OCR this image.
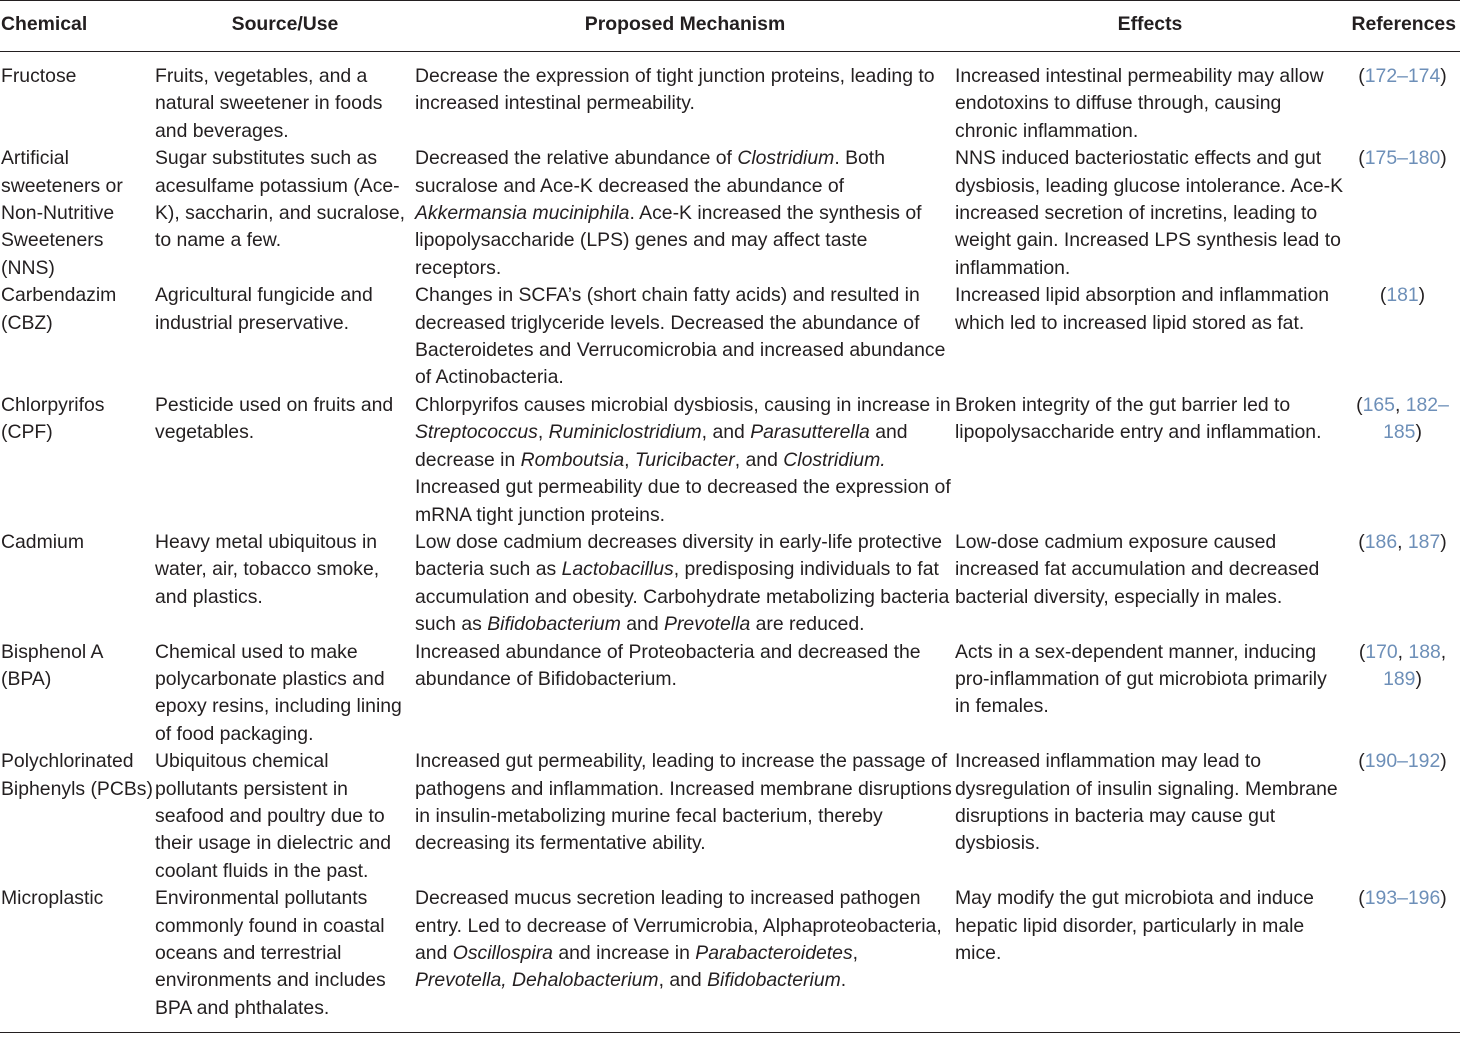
Chemical	Source/Use	Proposed Mechanism	Effects	References
Fructose	Fruits, vegetables, and a natural sweetener in foods and beverages.	Decrease the expression of tight junction proteins, leading to increased intestinal permeability.	Increased intestinal permeability may allow endotoxins to diffuse through, causing chronic inflammation.	(172–174)
Artificial sweeteners or Non-Nutritive Sweeteners (NNS)	Sugar substitutes such as acesulfame potassium (Ace-K), saccharin, and sucralose, to name a few.	Decreased the relative abundance of Clostridium. Both sucralose and Ace-K decreased the abundance of Akkermansia muciniphila. Ace-K increased the synthesis of lipopolysaccharide (LPS) genes and may affect taste receptors.	NNS induced bacteriostatic effects and gut dysbiosis, leading glucose intolerance. Ace-K increased secretion of incretins, leading to weight gain. Increased LPS synthesis lead to inflammation.	(175–180)
Carbendazim (CBZ)	Agricultural fungicide and industrial preservative.	Changes in SCFA’s (short chain fatty acids) and resulted in decreased triglyceride levels. Decreased the abundance of Bacteroidetes and Verrucomicrobia and increased abundance of Actinobacteria.	Increased lipid absorption and inflammation which led to increased lipid stored as fat.	(181)
Chlorpyrifos (CPF)	Pesticide used on fruits and vegetables.	Chlorpyrifos causes microbial dysbiosis, causing in increase in Streptococcus, Ruminiclostridium, and Parasutterella and decrease in Romboutsia, Turicibacter, and Clostridium. Increased gut permeability due to decreased the expression of mRNA tight junction proteins.	Broken integrity of the gut barrier led to lipopolysaccharide entry and inflammation.	(165, 182–185)
Cadmium	Heavy metal ubiquitous in water, air, tobacco smoke, and plastics.	Low dose cadmium decreases diversity in early-life protective bacteria such as Lactobacillus, predisposing individuals to fat accumulation and obesity. Carbohydrate metabolizing bacteria such as Bifidobacterium and Prevotella are reduced.	Low-dose cadmium exposure caused increased fat accumulation and decreased bacterial diversity, especially in males.	(186, 187)
Bisphenol A (BPA)	Chemical used to make polycarbonate plastics and epoxy resins, including lining of food packaging.	Increased abundance of Proteobacteria and decreased the abundance of Bifidobacterium.	Acts in a sex-dependent manner, inducing pro-inflammation of gut microbiota primarily in females.	(170, 188, 189)
Polychlorinated Biphenyls (PCBs)	Ubiquitous chemical pollutants persistent in seafood and poultry due to their usage in dielectric and coolant fluids in the past.	Increased gut permeability, leading to increase the passage of pathogens and inflammation. Increased membrane disruptions in insulin-metabolizing murine fecal bacterium, thereby decreasing its fermentative ability.	Increased inflammation may lead to dysregulation of insulin signaling. Membrane disruptions in bacteria may cause gut dysbiosis.	(190–192)
Microplastic	Environmental pollutants commonly found in coastal oceans and terrestrial environments and includes BPA and phthalates.	Decreased mucus secretion leading to increased pathogen entry. Led to decrease of Verrumicrobia, Alphaproteobacteria, and Oscillospira and increase in Parabacteroidetes, Prevotella, Dehalobacterium, and Bifidobacterium.	May modify the gut microbiota and induce hepatic lipid disorder, particularly in male mice.	(193–196)
